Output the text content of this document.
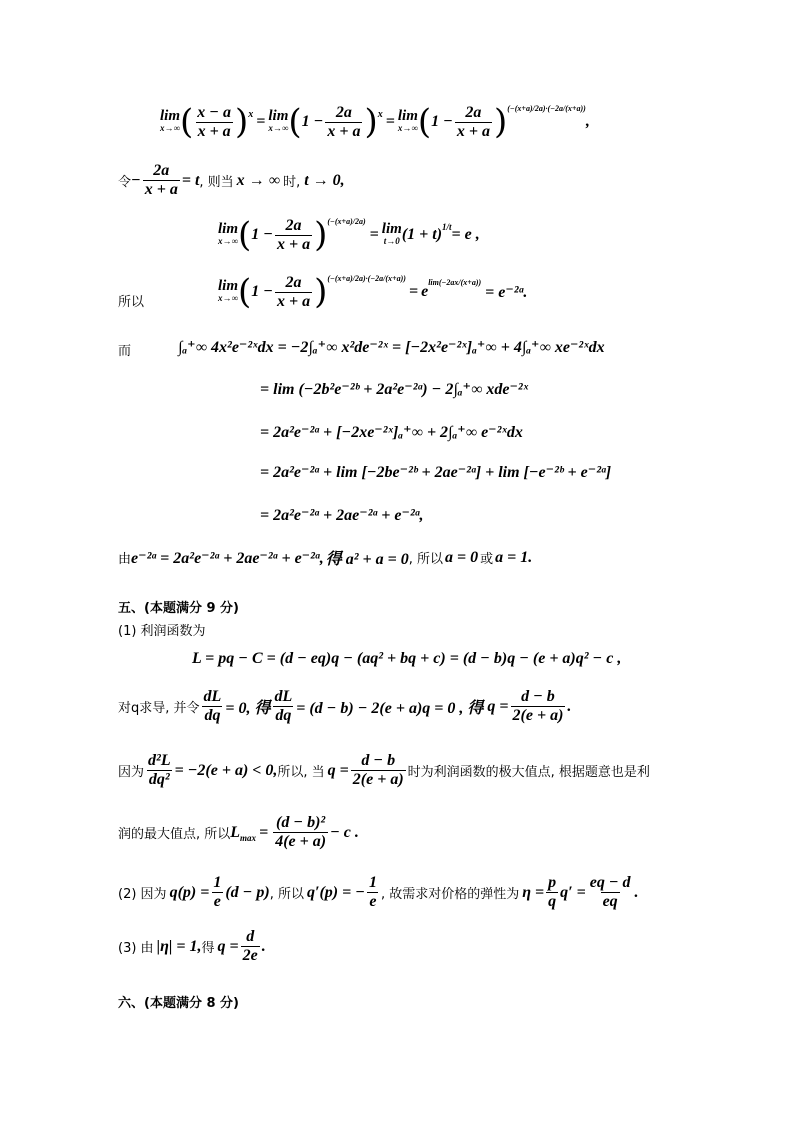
lim
x→∞ ( $\frac{x - a}{x + a}$ ) x = lim
x→∞ ( $1 - \frac{2a}{x + a}$ ) x = lim
x→∞ ( $1 - \frac{2a}{x + a}$ ) (−(x+a)/2a)·(−2a/(x+a))
,
令 − $\frac{2a}{x + a} = t$ , 则当 x → ∞ 时, t → 0,
lim
x→∞ ( $1 - \frac{2a}{x + a}$ ) (−(x+a)/2a)
= lim
t→0 (1 + t) 1/t = e ,
所以
lim
x→∞ ( $1 - \frac{2a}{x + a}$ ) (−(x+a)/2a)·(−2a/(x+a))
= e
lim(−2ax/(x+a))
= e⁻²ᵃ.
而	∫ₐ⁺∞ 4x²e⁻²ˣdx = −2∫ₐ⁺∞ x²de⁻²ˣ = [−2x²e⁻²ˣ]ₐ⁺∞ + 4∫ₐ⁺∞ xe⁻²ˣdx
= lim (−2b²e⁻²ᵇ + 2a²e⁻²ᵃ) − 2∫ₐ⁺∞ xde⁻²ˣ
= 2a²e⁻²ᵃ + [−2xe⁻²ˣ]ₐ⁺∞ + 2∫ₐ⁺∞ e⁻²ˣdx
= 2a²e⁻²ᵃ + lim [−2be⁻²ᵇ + 2ae⁻²ᵃ] + lim [−e⁻²ᵇ + e⁻²ᵃ]
= 2a²e⁻²ᵃ + 2ae⁻²ᵃ + e⁻²ᵃ,
由 e⁻²ᵃ = 2a²e⁻²ᵃ + 2ae⁻²ᵃ + e⁻²ᵃ, 得 a² + a = 0 , 所以 a = 0 或 a = 1.
五、(本题满分 9 分)
(1) 利润函数为
L = pq − C = (d − eq)q − (aq² + bq + c) = (d − b)q − (e + a)q² − c ,
对 q求导, 并令 $\frac{dL}{dq} = 0$, 得 $\frac{dL}{dq} = (d - b) - 2(e + a)q = 0$ , 得 $q = \frac{d - b}{2(e + a)}$ .
因为 $\frac{\text{d²L}}{\text{dq²}} = -2(e + a) < 0$, 所以, 当 $q = \frac{d - b}{2(e + a)}$ 时为利润函数的极大值点, 根据题意也是利
润的最大值点, 所以 L $\max = \frac{\text{(d − b)²}}{4(e + a)} - c$ .
(2) 因为 $q(p) = \frac{1}{e} (d - p)$ , 所以 q′(p) = − $\frac{1}{e}$ , 故需求对价格的弹性为 $\eta = \frac{p}{q} q' = \frac{eq - d}{eq}$ .
(3) 由 |η| = 1, 得 $q = \frac{d}{2e}$ .
六、(本题满分 8 分)
